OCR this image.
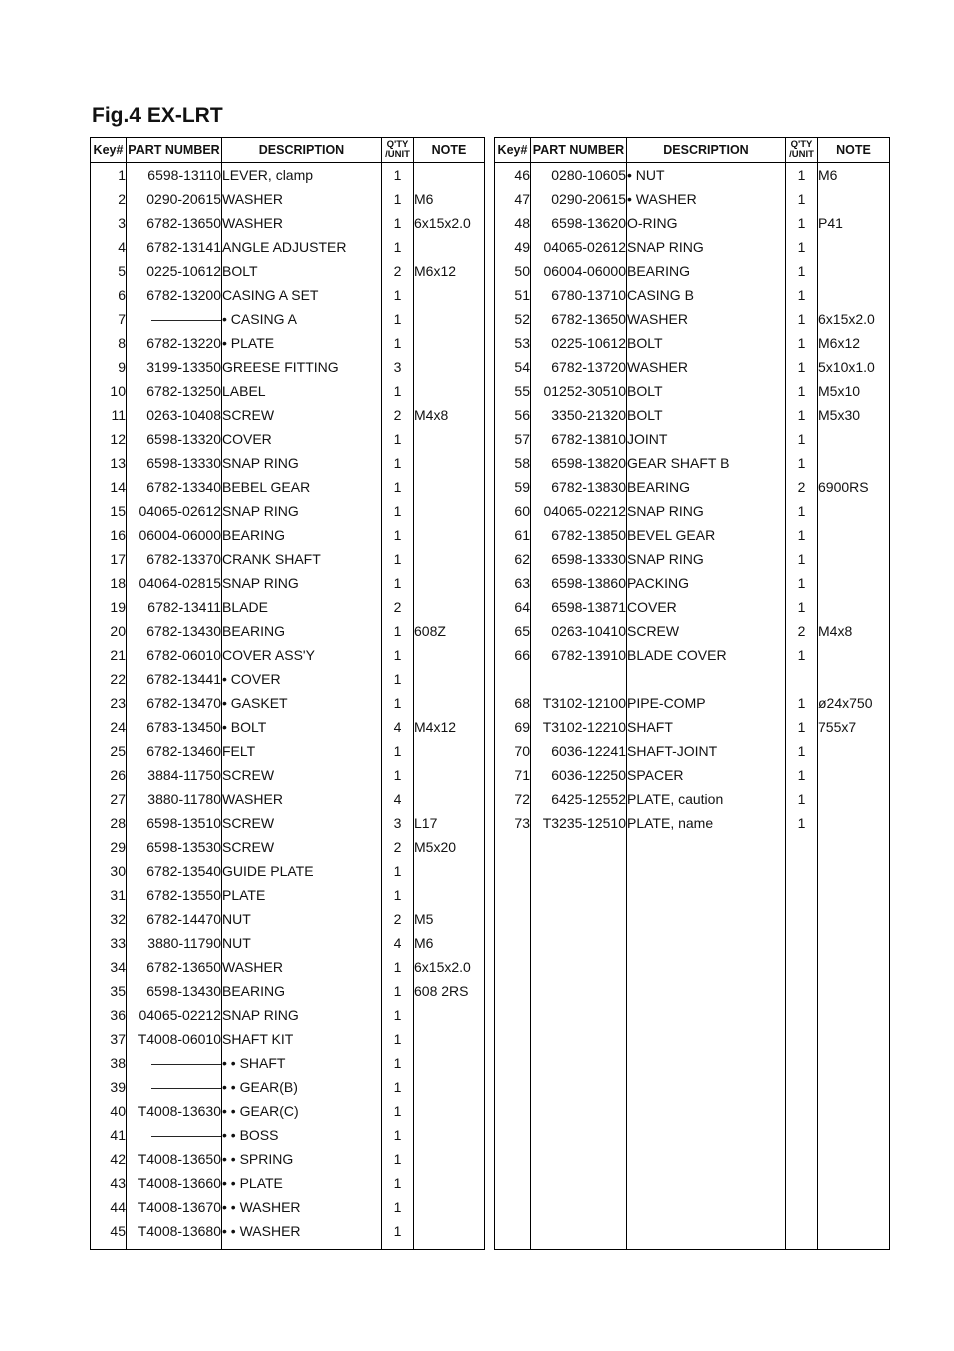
Fig.4 EX-LRT
Key#	PART NUMBER	DESCRIPTION	Q'TY
/UNIT	NOTE
1	6598-13110	LEVER, clamp	1	
2	0290-20615	WASHER	1	M6
3	6782-13650	WASHER	1	6x15x2.0
4	6782-13141	ANGLE ADJUSTER	1	
5	0225-10612	BOLT	2	M6x12
6	6782-13200	CASING A SET	1	
7	—————	• CASING A	1	
8	6782-13220	• PLATE	1	
9	3199-13350	GREESE FITTING	3	
10	6782-13250	LABEL	1	
11	0263-10408	SCREW	2	M4x8
12	6598-13320	COVER	1	
13	6598-13330	SNAP RING	1	
14	6782-13340	BEBEL GEAR	1	
15	04065-02612	SNAP RING	1	
16	06004-06000	BEARING	1	
17	6782-13370	CRANK SHAFT	1	
18	04064-02815	SNAP RING	1	
19	6782-13411	BLADE	2	
20	6782-13430	BEARING	1	608Z
21	6782-06010	COVER ASS'Y	1	
22	6782-13441	• COVER	1	
23	6782-13470	• GASKET	1	
24	6783-13450	• BOLT	4	M4x12
25	6782-13460	FELT	1	
26	3884-11750	SCREW	1	
27	3880-11780	WASHER	4	
28	6598-13510	SCREW	3	L17
29	6598-13530	SCREW	2	M5x20
30	6782-13540	GUIDE PLATE	1	
31	6782-13550	PLATE	1	
32	6782-14470	NUT	2	M5
33	3880-11790	NUT	4	M6
34	6782-13650	WASHER	1	6x15x2.0
35	6598-13430	BEARING	1	608 2RS
36	04065-02212	SNAP RING	1	
37	T4008-06010	SHAFT KIT	1	
38	—————	• • SHAFT	1	
39	—————	• • GEAR(B)	1	
40	T4008-13630	• • GEAR(C)	1	
41	—————	• • BOSS	1	
42	T4008-13650	• • SPRING	1	
43	T4008-13660	• • PLATE	1	
44	T4008-13670	• • WASHER	1	
45	T4008-13680	• • WASHER	1	

Key#	PART NUMBER	DESCRIPTION	Q'TY
/UNIT	NOTE
46	0280-10605	• NUT	1	M6
47	0290-20615	• WASHER	1	
48	6598-13620	O-RING	1	P41
49	04065-02612	SNAP RING	1	
50	06004-06000	BEARING	1	
51	6780-13710	CASING B	1	
52	6782-13650	WASHER	1	6x15x2.0
53	0225-10612	BOLT	1	M6x12
54	6782-13720	WASHER	1	5x10x1.0
55	01252-30510	BOLT	1	M5x10
56	3350-21320	BOLT	1	M5x30
57	6782-13810	JOINT	1	
58	6598-13820	GEAR SHAFT B	1	
59	6782-13830	BEARING	2	6900RS
60	04065-02212	SNAP RING	1	
61	6782-13850	BEVEL GEAR	1	
62	6598-13330	SNAP RING	1	
63	6598-13860	PACKING	1	
64	6598-13871	COVER	1	
65	0263-10410	SCREW	2	M4x8
66	6782-13910	BLADE COVER	1	

68	T3102-12100	PIPE-COMP	1	ø24x750
69	T3102-12210	SHAFT	1	755x7
70	6036-12241	SHAFT-JOINT	1	
71	6036-12250	SPACER	1	
72	6425-12552	PLATE, caution	1	
73	T3235-12510	PLATE, name	1	
